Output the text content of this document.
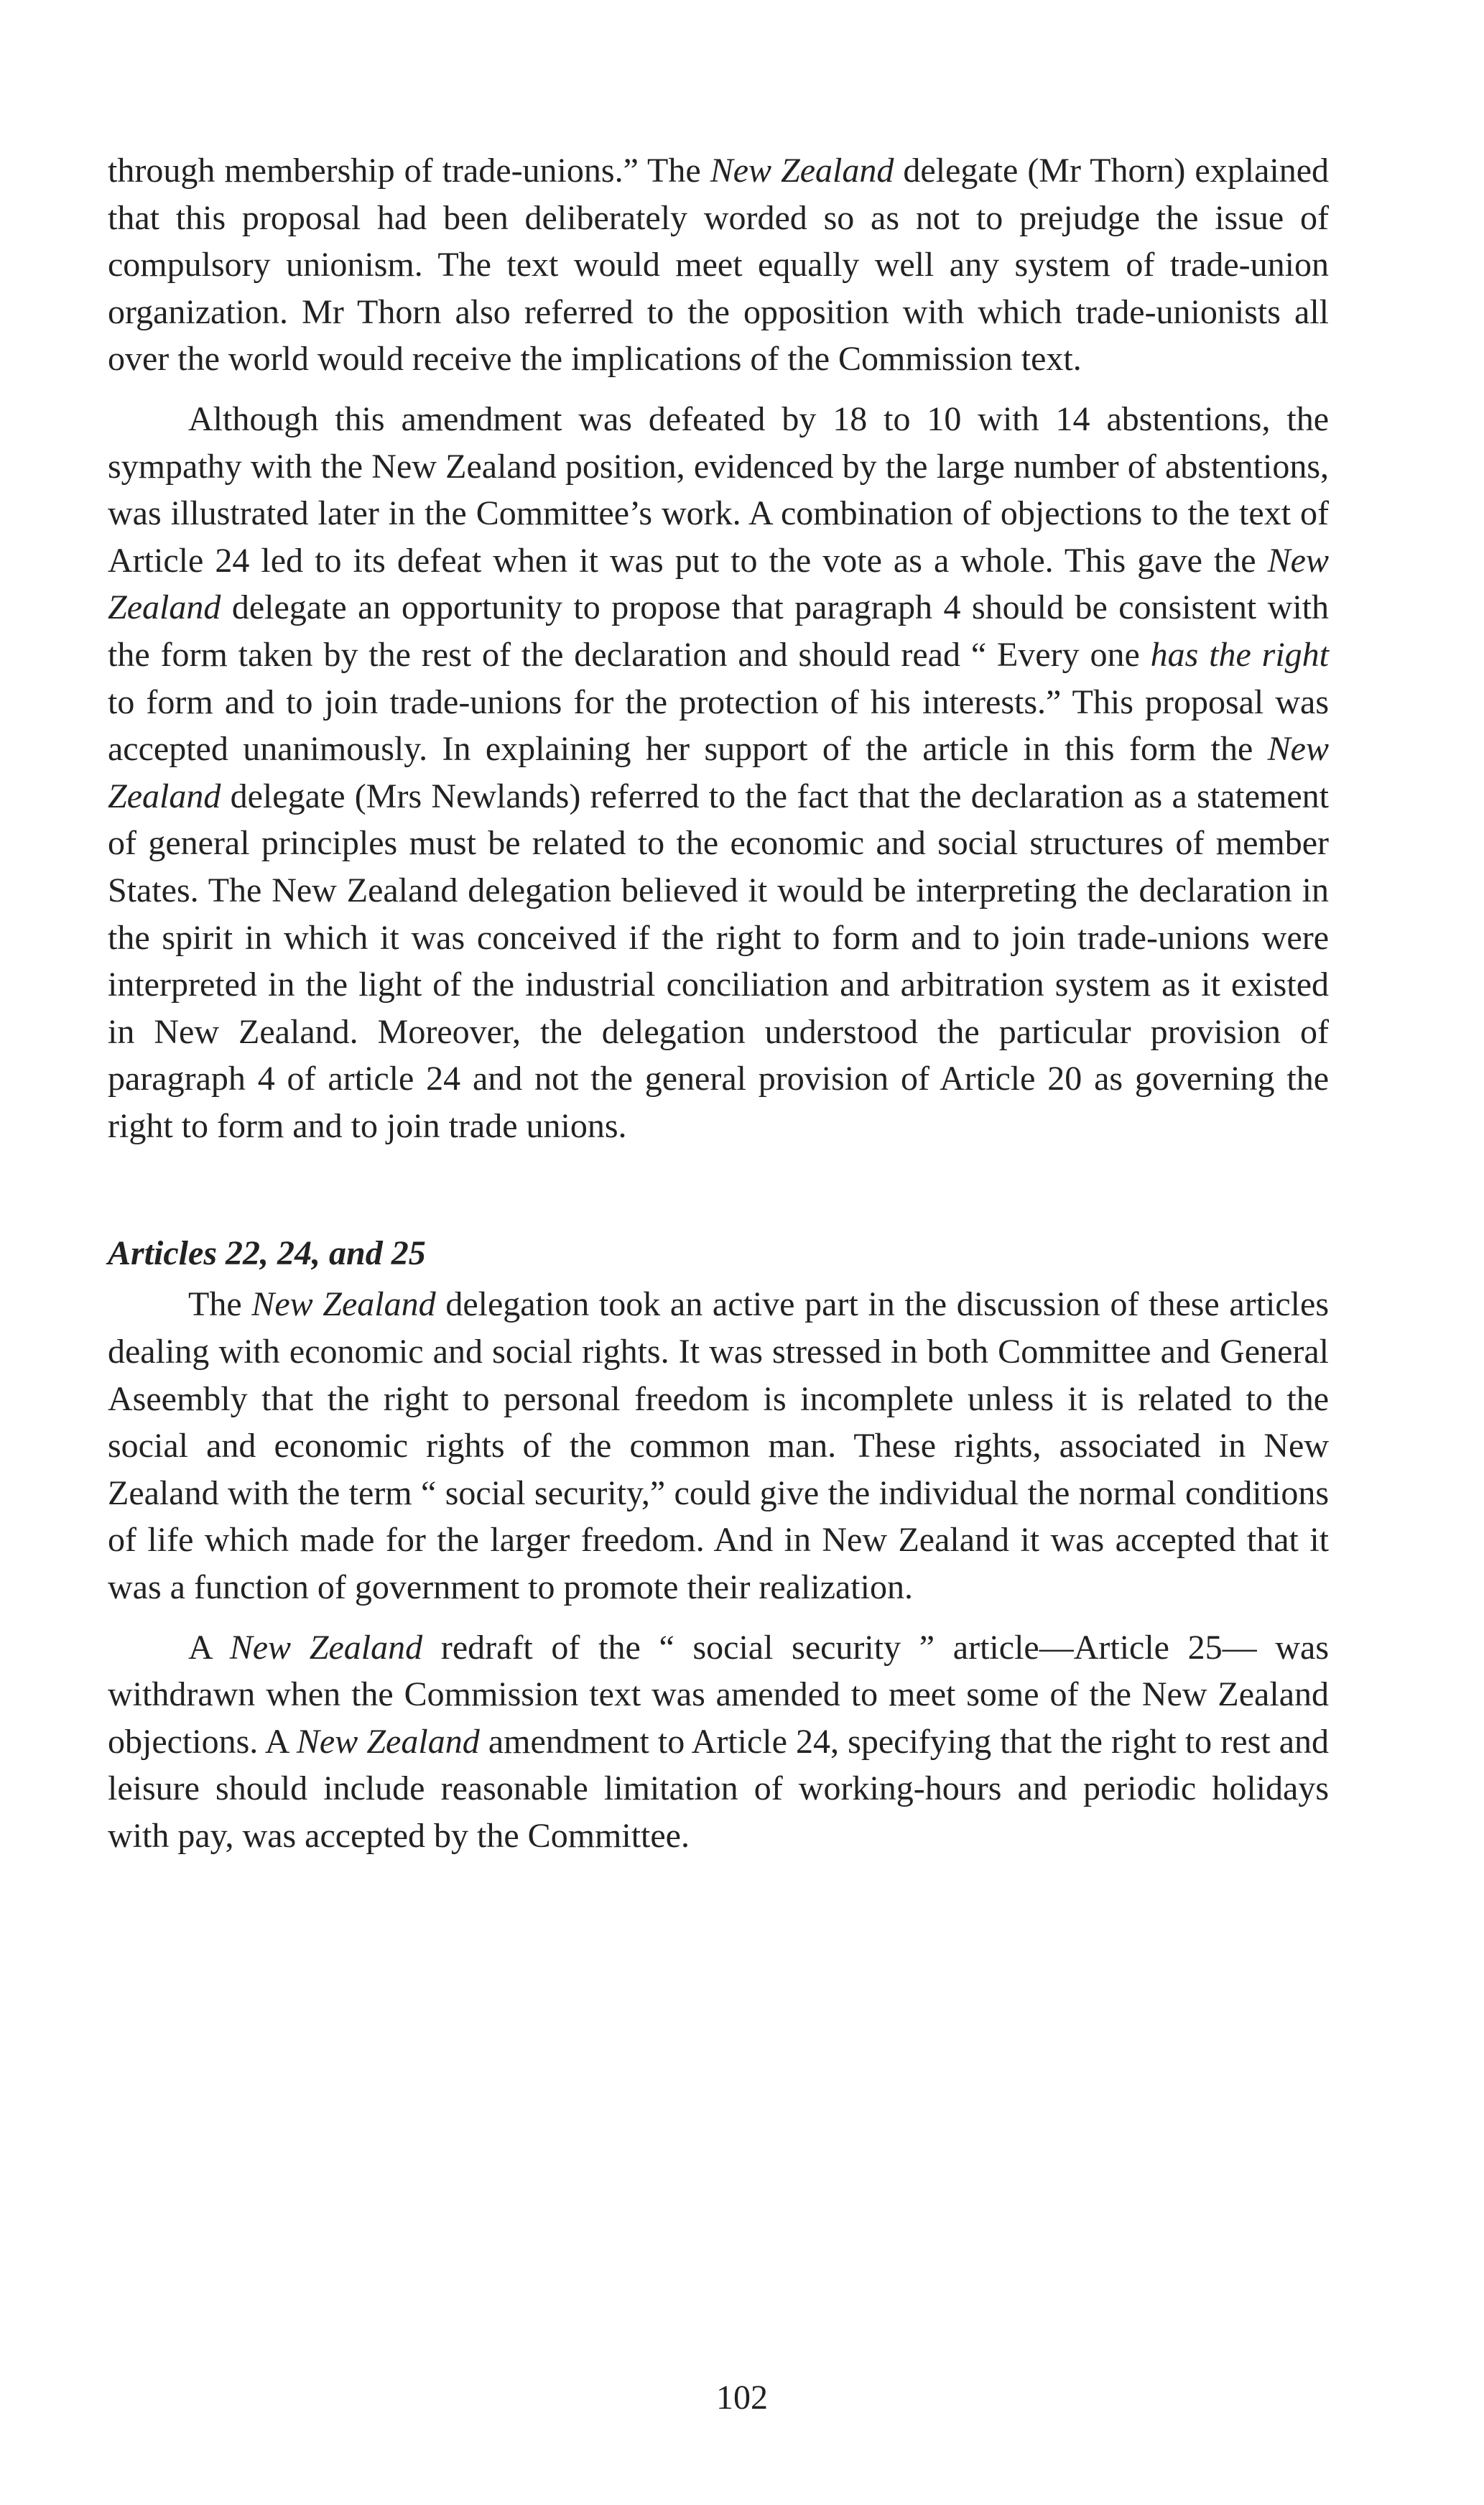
through membership of trade-unions.” The New Zealand delegate (Mr Thorn) explained that this proposal had been deliberately worded so as not to prejudge the issue of compulsory unionism. The text would meet equally well any system of trade-union organization. Mr Thorn also referred to the opposition with which trade-unionists all over the world would receive the implications of the Commission text.

Although this amendment was defeated by 18 to 10 with 14 abstentions, the sympathy with the New Zealand position, evidenced by the large number of abstentions, was illustrated later in the Committee’s work. A combination of objections to the text of Article 24 led to its defeat when it was put to the vote as a whole. This gave the New Zealand delegate an opportunity to propose that paragraph 4 should be consistent with the form taken by the rest of the declaration and should read “ Every one has the right to form and to join trade-unions for the protection of his interests.” This proposal was accepted unanimously. In explaining her support of the article in this form the New Zealand delegate (Mrs Newlands) referred to the fact that the declaration as a statement of general principles must be related to the economic and social structures of member States. The New Zealand delegation believed it would be interpreting the declaration in the spirit in which it was conceived if the right to form and to join trade-unions were interpreted in the light of the industrial conciliation and arbitration system as it existed in New Zealand. Moreover, the delegation understood the particular provision of paragraph 4 of article 24 and not the general provision of Article 20 as governing the right to form and to join trade unions.

Articles 22, 24, and 25

The New Zealand delegation took an active part in the discussion of these articles dealing with economic and social rights. It was stressed in both Committee and General Aseembly that the right to personal freedom is incomplete unless it is related to the social and economic rights of the common man. These rights, associated in New Zealand with the term “ social security,” could give the individual the normal conditions of life which made for the larger freedom. And in New Zealand it was accepted that it was a function of government to promote their realization.

A New Zealand redraft of the “ social security ” article—Article 25— was withdrawn when the Commission text was amended to meet some of the New Zealand objections. A New Zealand amendment to Article 24, specifying that the right to rest and leisure should include reasonable limitation of working-hours and periodic holidays with pay, was accepted by the Committee.

102
